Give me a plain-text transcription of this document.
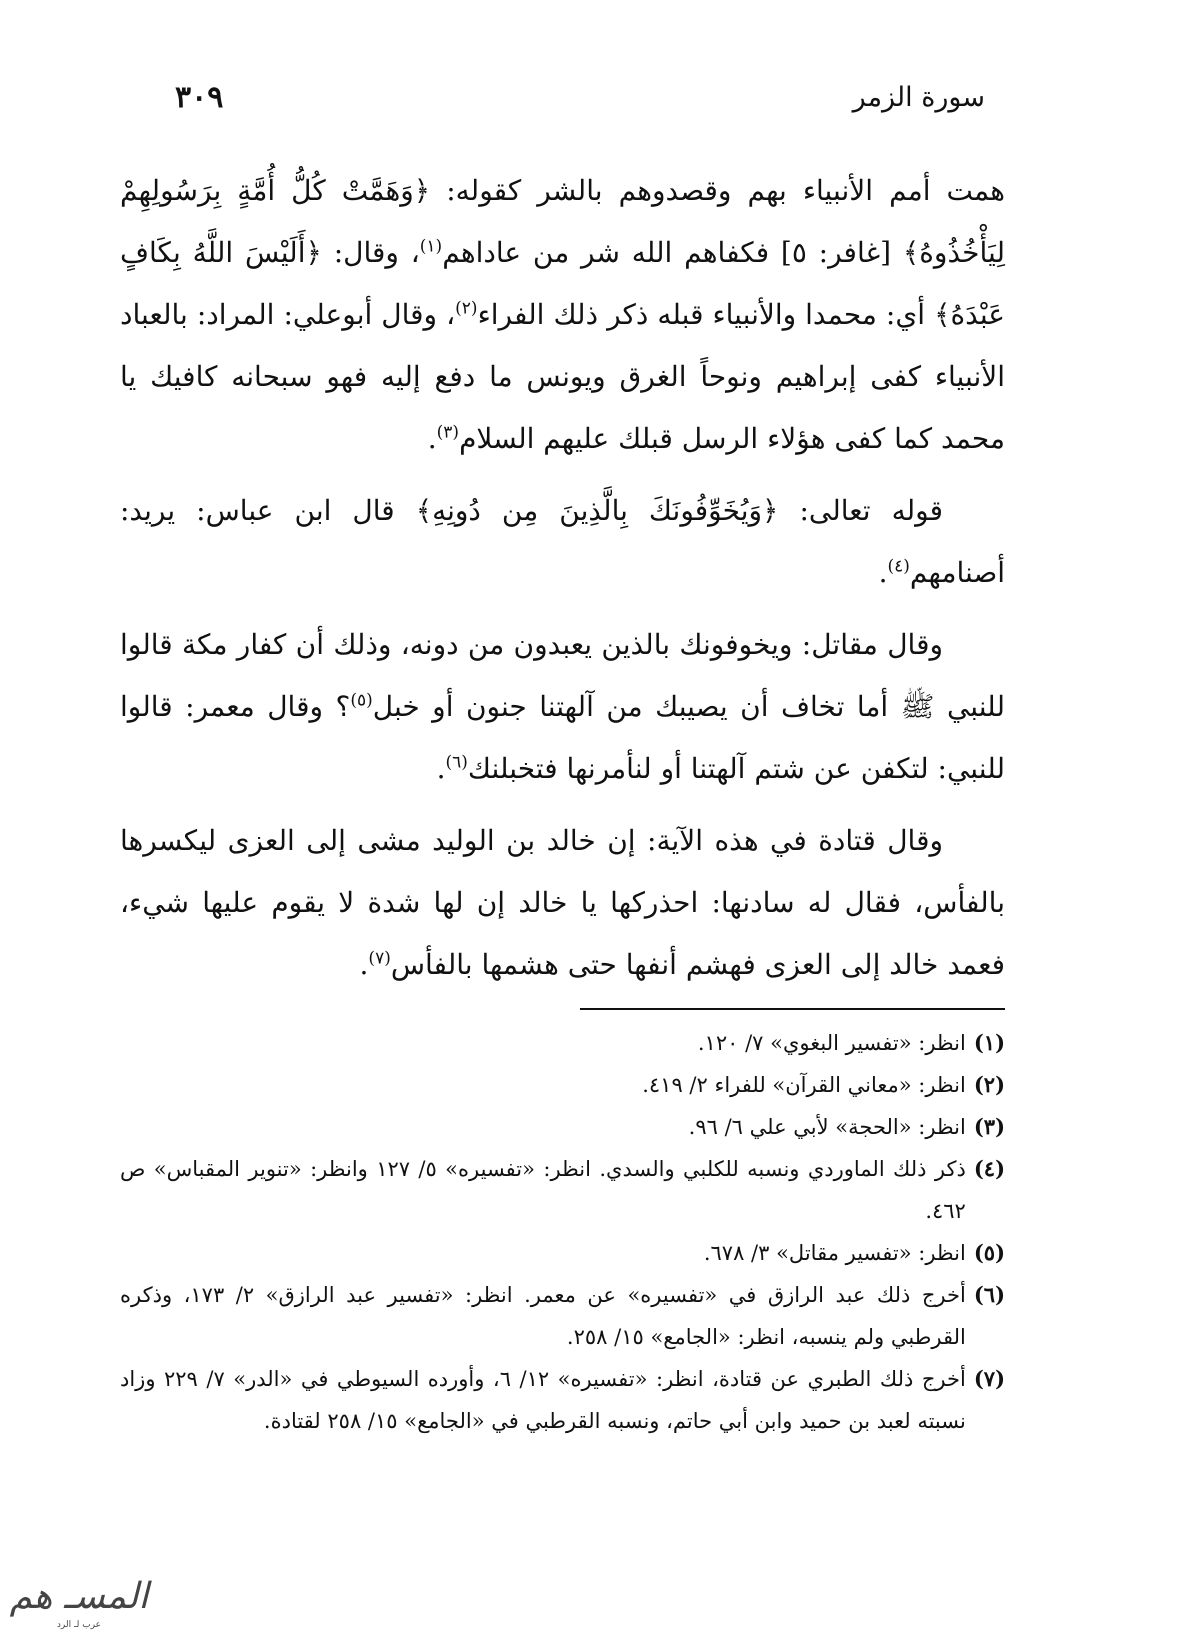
سورة الزمر
٣٠٩

همت أمم الأنبياء بهم وقصدوهم بالشر كقوله: ﴿وَهَمَّتْ كُلُّ أُمَّةٍ بِرَسُولِهِمْ لِيَأْخُذُوهُ﴾ [غافر: ٥] فكفاهم الله شر من عاداهم$^{(١)}$، وقال: ﴿أَلَيْسَ اللَّهُ بِكَافٍ عَبْدَهُ﴾ أي: محمدا والأنبياء قبله ذكر ذلك الفراء$^{(٢)}$، وقال أبوعلي: المراد: بالعباد الأنبياء كفى إبراهيم ونوحاً الغرق ويونس ما دفع إليه فهو سبحانه كافيك يا محمد كما كفى هؤلاء الرسل قبلك عليهم السلام$^{(٣)}$.

قوله تعالى: ﴿وَيُخَوِّفُونَكَ بِالَّذِينَ مِن دُونِهِ﴾ قال ابن عباس: يريد: أصنامهم$^{(٤)}$.

وقال مقاتل: ويخوفونك بالذين يعبدون من دونه، وذلك أن كفار مكة قالوا للنبي ﷺ أما تخاف أن يصيبك من آلهتنا جنون أو خبل$^{(٥)}$؟ وقال معمر: قالوا للنبي: لتكفن عن شتم آلهتنا أو لنأمرنها فتخبلنك$^{(٦)}$.

وقال قتادة في هذه الآية: إن خالد بن الوليد مشى إلى العزى ليكسرها بالفأس، فقال له سادنها: احذركها يا خالد إن لها شدة لا يقوم عليها شيء، فعمد خالد إلى العزى فهشم أنفها حتى هشمها بالفأس$^{(٧)}$.

(١)
انظر: «تفسير البغوي» ٧/ ١٢٠.
(٢)
انظر: «معاني القرآن» للفراء ٢/ ٤١٩.
(٣)
انظر: «الحجة» لأبي علي ٦/ ٩٦.
(٤)
ذكر ذلك الماوردي ونسبه للكلبي والسدي. انظر: «تفسيره» ٥/ ١٢٧ وانظر: «تنوير المقباس» ص ٤٦٢.
(٥)
انظر: «تفسير مقاتل» ٣/ ٦٧٨.
(٦)
أخرج ذلك عبد الرازق في «تفسيره» عن معمر. انظر: «تفسير عبد الرازق» ٢/ ١٧٣، وذكره القرطبي ولم ينسبه، انظر: «الجامع» ١٥/ ٢٥٨.
(٧)
أخرج ذلك الطبري عن قتادة، انظر: «تفسيره» ١٢/ ٦، وأورده السيوطي في «الدر» ٧/ ٢٢٩ وزاد نسبته لعبد بن حميد وابن أبي حاتم، ونسبه القرطبي في «الجامع» ١٥/ ٢٥٨ لقتادة.
المسـ هم
عرب لـ الرد
